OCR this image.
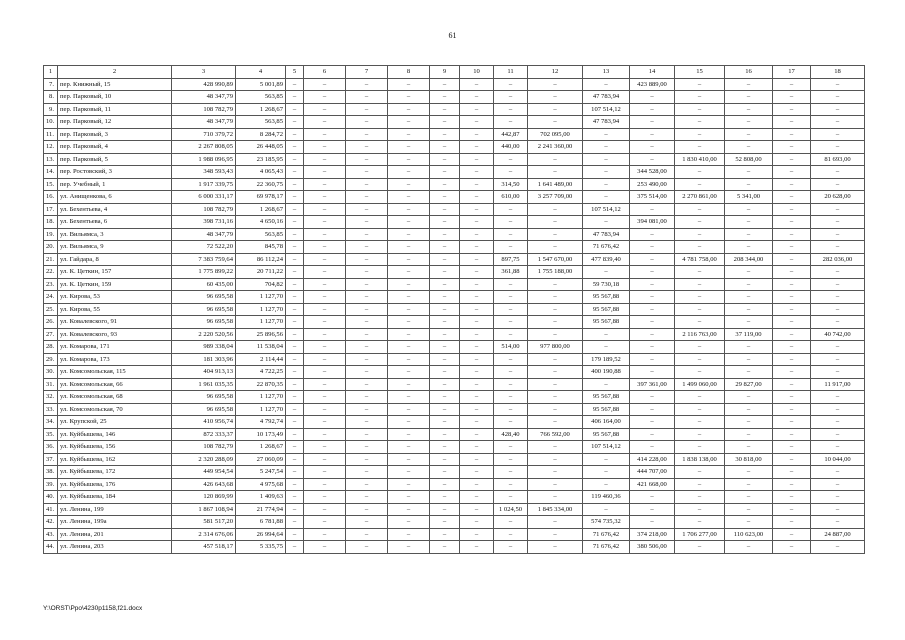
61
1	2	3	4	5	6	7	8	9	10	11	12	13	14	15	16	17	18
7.	пер. Книжный, 15	428 990,89	5 001,89	–	–	–	–	–	–	–	–	–	423 889,00	–	–	–	–
8.	пер. Парковый, 10	48 347,79	563,85	–	–	–	–	–	–	–	–	47 783,94	–	–	–	–	–
9.	пер. Парковый, 11	108 782,79	1 268,67	–	–	–	–	–	–	–	–	107 514,12	–	–	–	–	–
10.	пер. Парковый, 12	48 347,79	563,85	–	–	–	–	–	–	–	–	47 783,94	–	–	–	–	–
11.	пер. Парковый, 3	710 379,72	8 284,72	–	–	–	–	–	–	442,87	702 095,00	–	–	–	–	–	–
12.	пер. Парковый, 4	2 267 808,05	26 448,05	–	–	–	–	–	–	440,00	2 241 360,00	–	–	–	–	–	–
13.	пер. Парковый, 5	1 988 096,95	23 185,95	–	–	–	–	–	–	–	–	–	–	1 830 410,00	52 808,00	–	81 693,00
14.	пер. Ростовский, 3	348 593,43	4 065,43	–	–	–	–	–	–	–	–	–	344 528,00	–	–	–	–
15.	пер. Учебный, 1	1 917 339,75	22 360,75	–	–	–	–	–	–	314,50	1 641 489,00	–	253 490,00	–	–	–	–
16.	ул. Анищенкова, 6	6 000 331,17	69 978,17	–	–	–	–	–	–	610,00	3 257 709,00	–	375 514,00	2 270 861,00	5 341,00	–	20 628,00
17.	ул. Бехентьева, 4	108 782,79	1 268,67	–	–	–	–	–	–	–	–	107 514,12	–	–	–	–	–
18.	ул. Бехентьева, 6	398 731,16	4 650,16	–	–	–	–	–	–	–	–	–	394 081,00	–	–	–	–
19.	ул. Вильямса, 3	48 347,79	563,85	–	–	–	–	–	–	–	–	47 783,94	–	–	–	–	–
20.	ул. Вильямса, 9	72 522,20	845,78	–	–	–	–	–	–	–	–	71 676,42	–	–	–	–	–
21.	ул. Гайдара, 8	7 383 759,64	86 112,24	–	–	–	–	–	–	897,75	1 547 670,00	477 839,40	–	4 781 758,00	208 344,00	–	282 036,00
22.	ул. К. Цеткин, 157	1 775 899,22	20 711,22	–	–	–	–	–	–	361,88	1 755 188,00	–	–	–	–	–	–
23.	ул. К. Цеткин, 159	60 435,00	704,82	–	–	–	–	–	–	–	–	59 730,18	–	–	–	–	–
24.	ул. Кирова, 53	96 695,58	1 127,70	–	–	–	–	–	–	–	–	95 567,88	–	–	–	–	–
25.	ул. Кирова, 55	96 695,58	1 127,70	–	–	–	–	–	–	–	–	95 567,88	–	–	–	–	–
26.	ул. Ковалевского, 91	96 695,58	1 127,70	–	–	–	–	–	–	–	–	95 567,88	–	–	–	–	–
27.	ул. Ковалевского, 93	2 220 520,56	25 896,56	–	–	–	–	–	–	–	–	–	–	2 116 763,00	37 119,00	–	40 742,00
28.	ул. Комарова, 171	989 338,04	11 538,04	–	–	–	–	–	–	514,00	977 800,00	–	–	–	–	–	–
29.	ул. Комарова, 173	181 303,96	2 114,44	–	–	–	–	–	–	–	–	179 189,52	–	–	–	–	–
30.	ул. Комсомольская, 115	404 913,13	4 722,25	–	–	–	–	–	–	–	–	400 190,88	–	–	–	–	–
31.	ул. Комсомольская, 66	1 961 035,35	22 870,35	–	–	–	–	–	–	–	–	–	397 361,00	1 499 060,00	29 827,00	–	11 917,00
32.	ул. Комсомольская, 68	96 695,58	1 127,70	–	–	–	–	–	–	–	–	95 567,88	–	–	–	–	–
33.	ул. Комсомольская, 70	96 695,58	1 127,70	–	–	–	–	–	–	–	–	95 567,88	–	–	–	–	–
34.	ул. Крупской, 25	410 956,74	4 792,74	–	–	–	–	–	–	–	–	406 164,00	–	–	–	–	–
35.	ул. Куйбышева, 146	872 333,37	10 173,49	–	–	–	–	–	–	428,40	766 592,00	95 567,88	–	–	–	–	–
36.	ул. Куйбышева, 156	108 782,79	1 268,67	–	–	–	–	–	–	–	–	107 514,12	–	–	–	–	–
37.	ул. Куйбышева, 162	2 320 288,09	27 060,09	–	–	–	–	–	–	–	–	–	414 228,00	1 838 138,00	30 818,00	–	10 044,00
38.	ул. Куйбышева, 172	449 954,54	5 247,54	–	–	–	–	–	–	–	–	–	444 707,00	–	–	–	–
39.	ул. Куйбышева, 176	426 643,68	4 975,68	–	–	–	–	–	–	–	–	–	421 668,00	–	–	–	–
40.	ул. Куйбышева, 184	120 869,99	1 409,63	–	–	–	–	–	–	–	–	119 460,36	–	–	–	–	–
41.	ул. Ленина, 199	1 867 108,94	21 774,94	–	–	–	–	–	–	1 024,50	1 845 334,00	–	–	–	–	–	–
42.	ул. Ленина, 199а	581 517,20	6 781,88	–	–	–	–	–	–	–	–	574 735,32	–	–	–	–	–
43.	ул. Ленина, 201	2 314 676,06	26 994,64	–	–	–	–	–	–	–	–	71 676,42	374 218,00	1 706 277,00	110 623,00	–	24 887,00
44.	ул. Ленина, 203	457 518,17	5 335,75	–	–	–	–	–	–	–	–	71 676,42	380 506,00	–	–	–	–
Y:\ORST\Ppo\4230p1158,f21.docx
